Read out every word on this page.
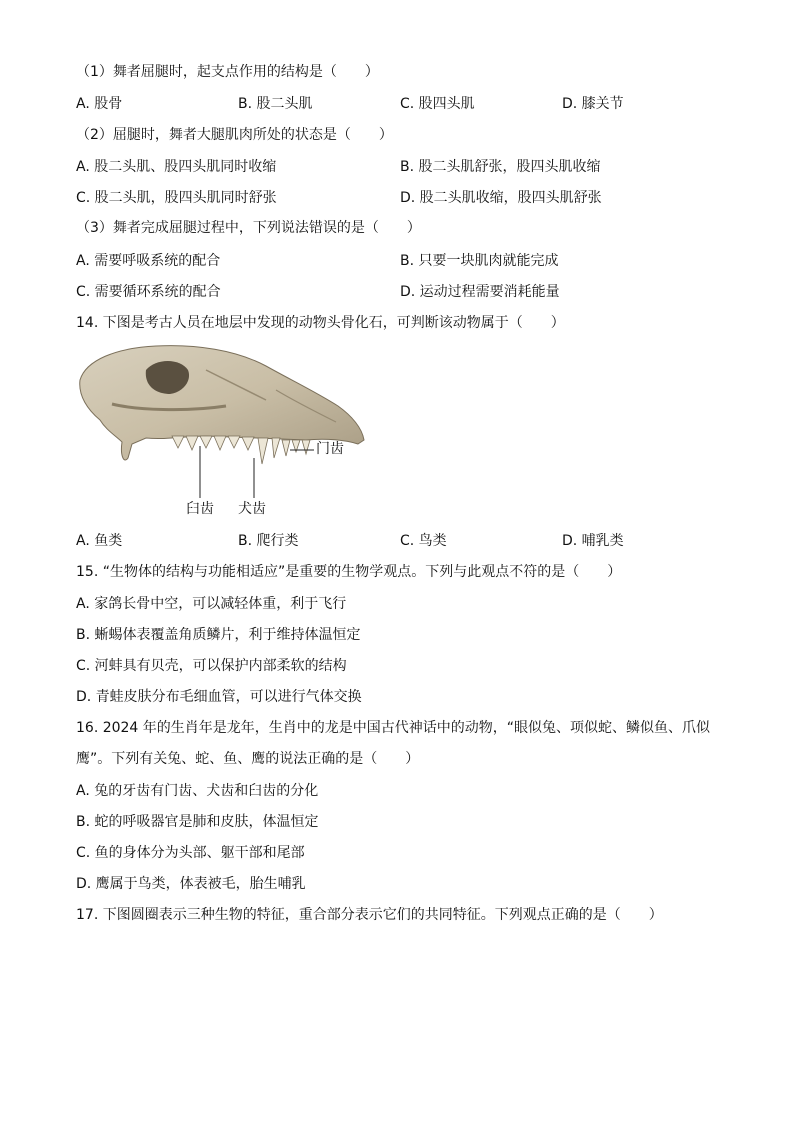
（1）舞者屈腿时，起支点作用的结构是（　　）
A. 股骨	B. 股二头肌	C. 股四头肌	D. 膝关节
（2）屈腿时，舞者大腿肌肉所处的状态是（　　）
A. 股二头肌、股四头肌同时收缩	B. 股二头肌舒张，股四头肌收缩
C. 股二头肌，股四头肌同时舒张	D. 股二头肌收缩，股四头肌舒张
（3）舞者完成屈腿过程中，下列说法错误的是（　　）
A. 需要呼吸系统的配合	B. 只要一块肌肉就能完成
C. 需要循环系统的配合	D. 运动过程需要消耗能量
14. 下图是考古人员在地层中发现的动物头骨化石，可判断该动物属于（　　）
门齿
臼齿 犬齿
A. 鱼类	B. 爬行类	C. 鸟类	D. 哺乳类
15. “生物体的结构与功能相适应”是重要的生物学观点。下列与此观点不符的是（　　）
A. 家鸽长骨中空，可以减轻体重，利于飞行
B. 蜥蜴体表覆盖角质鳞片，利于维持体温恒定
C. 河蚌具有贝壳，可以保护内部柔软的结构
D. 青蛙皮肤分布毛细血管，可以进行气体交换
16. 2024 年的生肖年是龙年，生肖中的龙是中国古代神话中的动物，“眼似兔、项似蛇、鳞似鱼、爪似
鹰”。下列有关兔、蛇、鱼、鹰的说法正确的是（　　）
A. 兔的牙齿有门齿、犬齿和臼齿的分化
B. 蛇的呼吸器官是肺和皮肤，体温恒定
C. 鱼的身体分为头部、躯干部和尾部
D. 鹰属于鸟类，体表被毛，胎生哺乳
17. 下图圆圈表示三种生物的特征，重合部分表示它们的共同特征。下列观点正确的是（　　）
